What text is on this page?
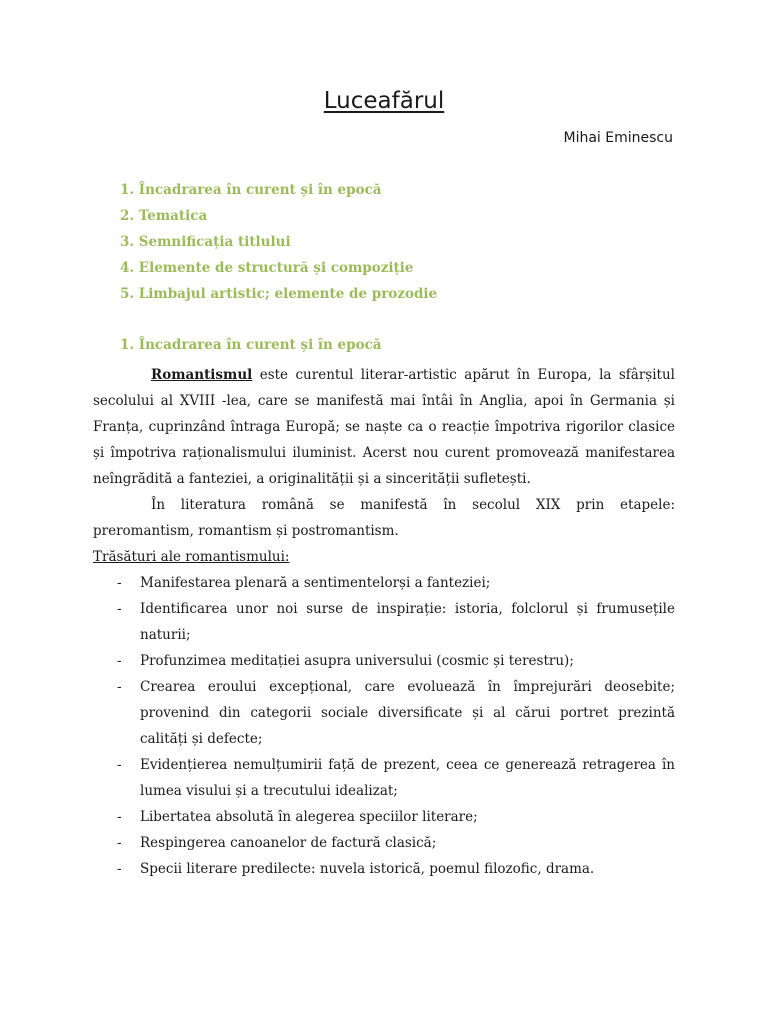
Luceafărul
Mihai Eminescu
1. Încadrarea în curent și în epocă
2. Tematica
3. Semnificația titlului
4. Elemente de structură și compoziție
5. Limbajul artistic; elemente de prozodie
1. Încadrarea în curent și în epocă

Romantismul este curentul literar-artistic apărut în Europa, la sfârșitul secolului al XVIII -lea, care se manifestă mai întâi în Anglia, apoi în Germania și Franța, cuprinzând întraga Europă; se naște ca o reacție împotriva rigorilor clasice și împotriva raționalismului iluminist. Acerst nou curent promovează manifestarea neîngrădită a fanteziei, a originalității și a sincerității sufletești.

În literatura română se manifestă în secolul XIX prin etapele: preromantism, romantism și postromantism.

Trăsături ale romantismului:

- Manifestarea plenară a sentimentelorși a fanteziei;
- Identificarea unor noi surse de inspirație: istoria, folclorul și frumusețile naturii;
- Profunzimea meditației asupra universului (cosmic și terestru);
- Crearea eroului excepțional, care evoluează în împrejurări deosebite; provenind din categorii sociale diversificate și al cărui portret prezintă calități și defecte;
- Evidențierea nemulțumirii față de prezent, ceea ce generează retragerea în lumea visului și a trecutului idealizat;
- Libertatea absolută în alegerea speciilor literare;
- Respingerea canoanelor de factură clasică;
- Specii literare predilecte: nuvela istorică, poemul filozofic, drama.
